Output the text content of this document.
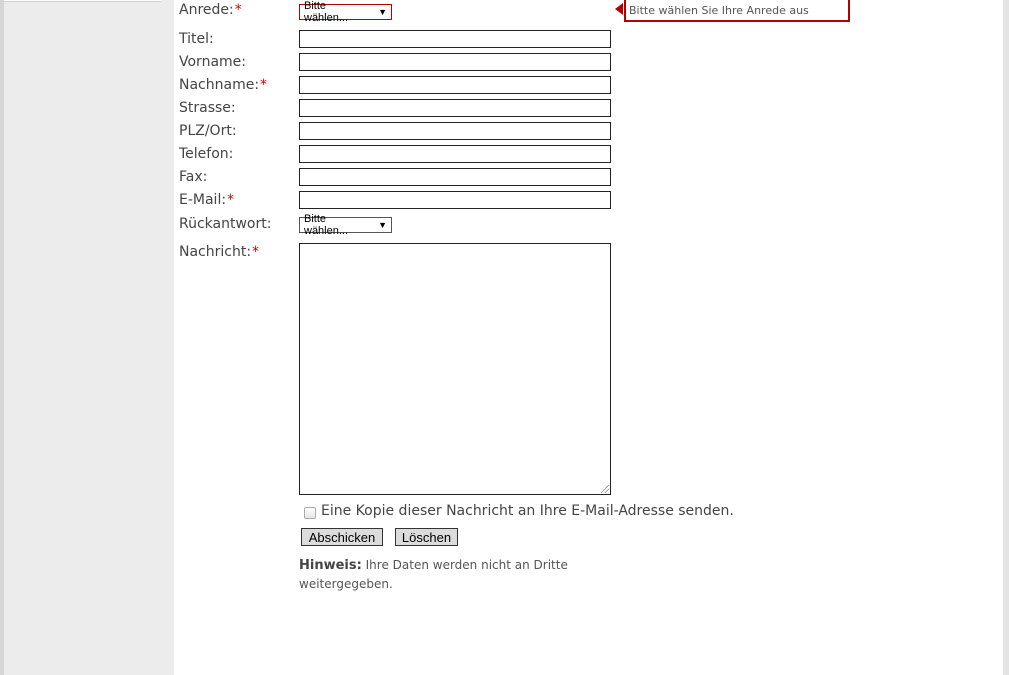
Anrede:*	Bitte wählen...	▼	Bitte wählen Sie Ihre Anrede aus
Titel:
Vorname:
Nachname:*
Strasse:
PLZ/Ort:
Telefon:
Fax:
E-Mail:*
Rückantwort:	Bitte wählen...	▼
Nachricht:*
Eine Kopie dieser Nachricht an Ihre E-Mail-Adresse senden.
Abschicken	Löschen
Hinweis: Ihre Daten werden nicht an Dritte weitergegeben.
